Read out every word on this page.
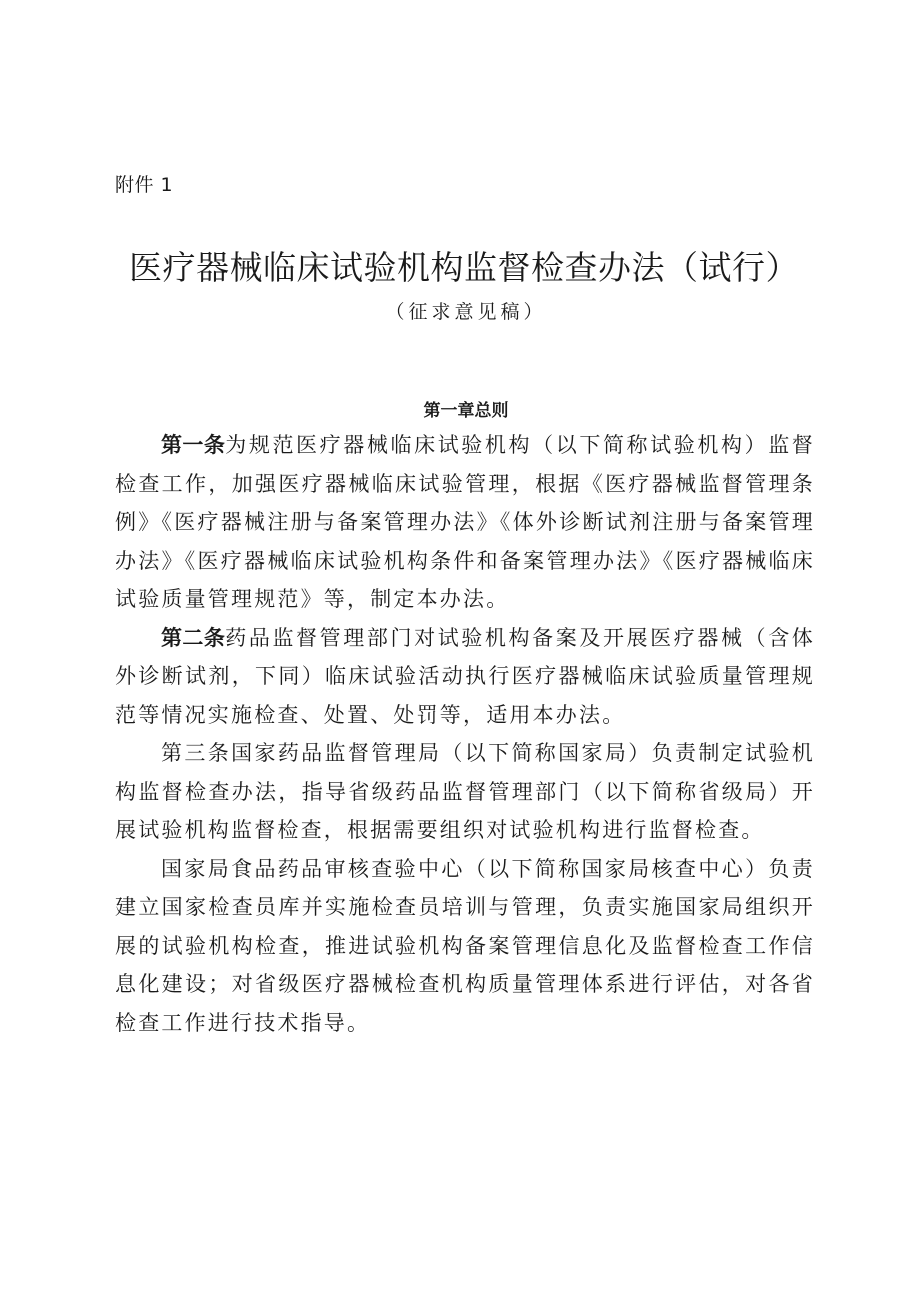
附件 1
医疗器械临床试验机构监督检查办法（试行）
（征求意见稿）
第一章总则

第一条为规范医疗器械临床试验机构（以下简称试验机构）监督检查工作，加强医疗器械临床试验管理，根据《医疗器械监督管理条例》《医疗器械注册与备案管理办法》《体外诊断试剂注册与备案管理办法》《医疗器械临床试验机构条件和备案管理办法》《医疗器械临床试验质量管理规范》等，制定本办法。

第二条药品监督管理部门对试验机构备案及开展医疗器械（含体外诊断试剂，下同）临床试验活动执行医疗器械临床试验质量管理规范等情况实施检查、处置、处罚等，适用本办法。

第三条国家药品监督管理局（以下简称国家局）负责制定试验机构监督检查办法，指导省级药品监督管理部门（以下简称省级局）开展试验机构监督检查，根据需要组织对试验机构进行监督检查。

国家局食品药品审核查验中心（以下简称国家局核查中心）负责建立国家检查员库并实施检查员培训与管理，负责实施国家局组织开展的试验机构检查，推进试验机构备案管理信息化及监督检查工作信息化建设；对省级医疗器械检查机构质量管理体系进行评估，对各省检查工作进行技术指导。
